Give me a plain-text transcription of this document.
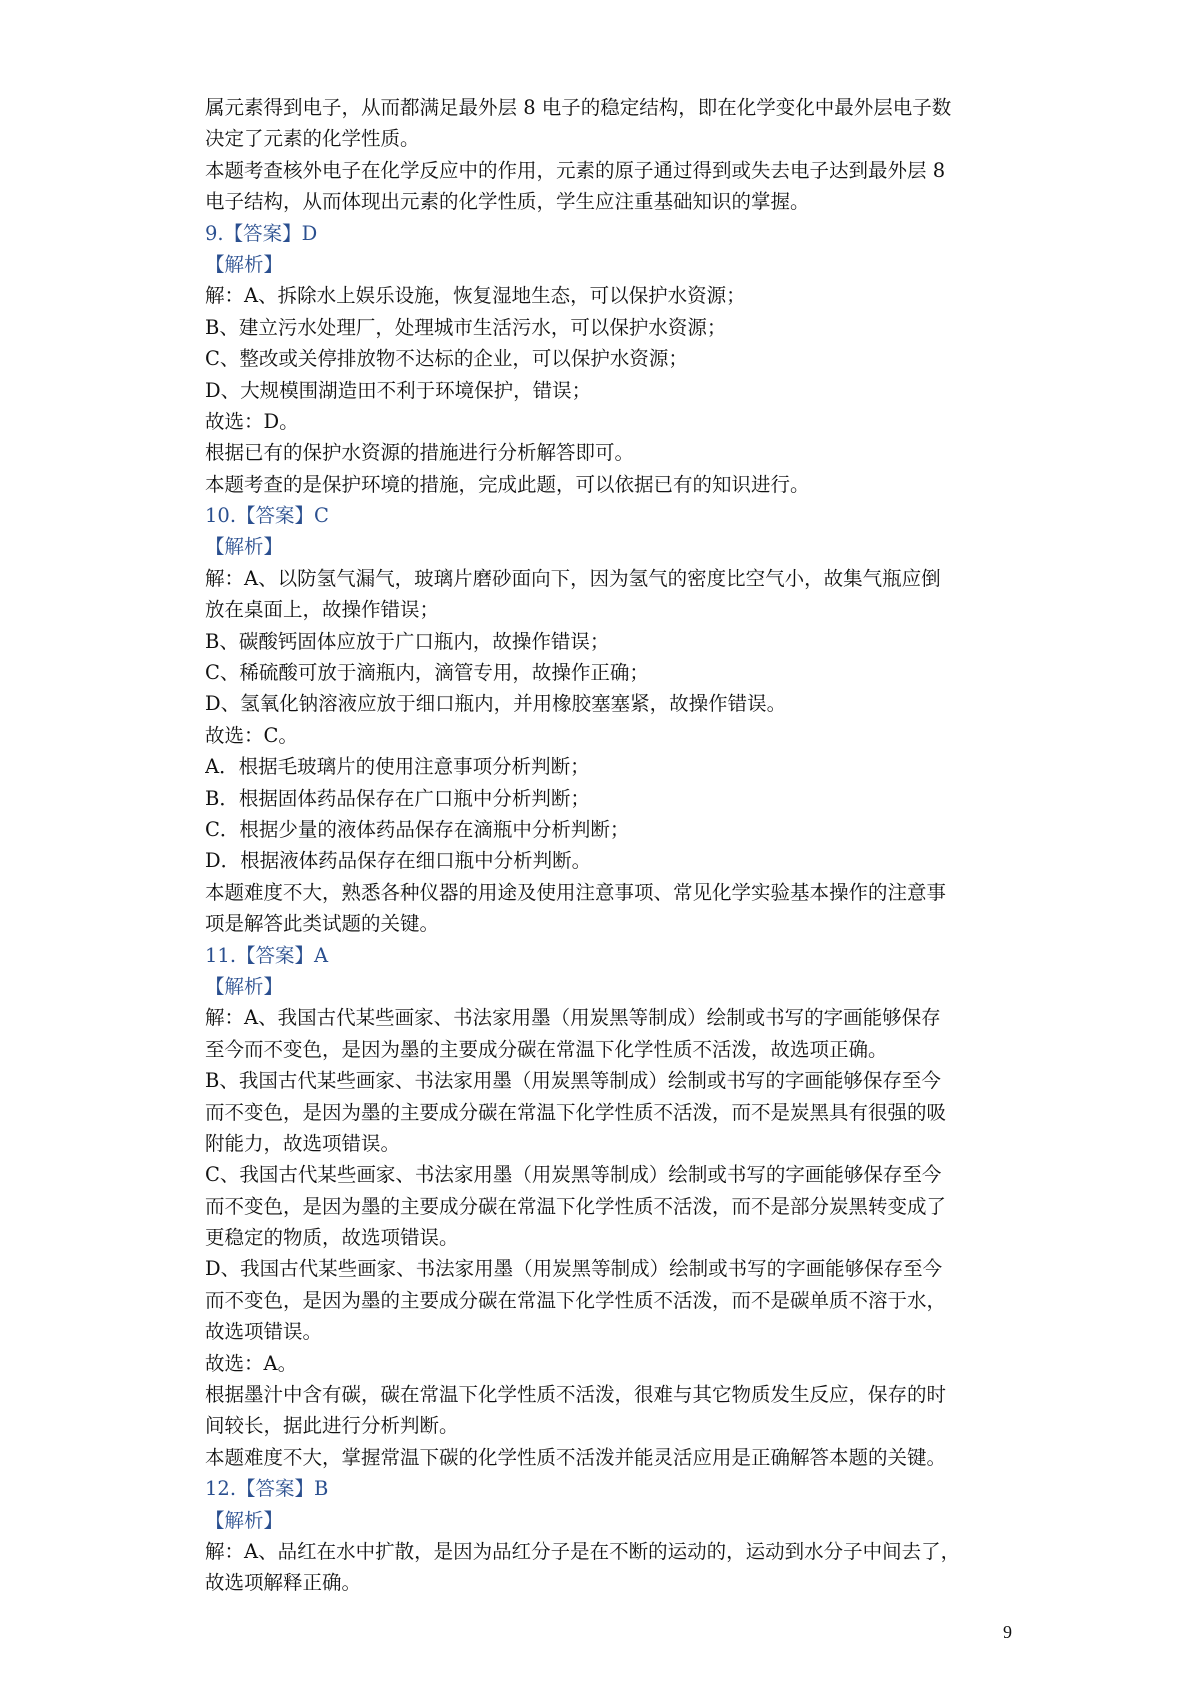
属元素得到电子，从而都满足最外层 8 电子的稳定结构，即在化学变化中最外层电子数
决定了元素的化学性质。
本题考查核外电子在化学反应中的作用，元素的原子通过得到或失去电子达到最外层 8
电子结构，从而体现出元素的化学性质，学生应注重基础知识的掌握。
9.【答案】D
【解析】
解：A、拆除水上娱乐设施，恢复湿地生态，可以保护水资源；
B、建立污水处理厂，处理城市生活污水，可以保护水资源；
C、整改或关停排放物不达标的企业，可以保护水资源；
D、大规模围湖造田不利于环境保护，错误；
故选：D。
根据已有的保护水资源的措施进行分析解答即可。
本题考查的是保护环境的措施，完成此题，可以依据已有的知识进行。
10.【答案】C
【解析】
解：A、以防氢气漏气，玻璃片磨砂面向下，因为氢气的密度比空气小，故集气瓶应倒
放在桌面上，故操作错误；
B、碳酸钙固体应放于广口瓶内，故操作错误；
C、稀硫酸可放于滴瓶内，滴管专用，故操作正确；
D、氢氧化钠溶液应放于细口瓶内，并用橡胶塞塞紧，故操作错误。
故选：C。
A．根据毛玻璃片的使用注意事项分析判断；
B．根据固体药品保存在广口瓶中分析判断；
C．根据少量的液体药品保存在滴瓶中分析判断；
D．根据液体药品保存在细口瓶中分析判断。
本题难度不大，熟悉各种仪器的用途及使用注意事项、常见化学实验基本操作的注意事
项是解答此类试题的关键。
11.【答案】A
【解析】
解：A、我国古代某些画家、书法家用墨（用炭黑等制成）绘制或书写的字画能够保存
至今而不变色，是因为墨的主要成分碳在常温下化学性质不活泼，故选项正确。
B、我国古代某些画家、书法家用墨（用炭黑等制成）绘制或书写的字画能够保存至今
而不变色，是因为墨的主要成分碳在常温下化学性质不活泼，而不是炭黑具有很强的吸
附能力，故选项错误。
C、我国古代某些画家、书法家用墨（用炭黑等制成）绘制或书写的字画能够保存至今
而不变色，是因为墨的主要成分碳在常温下化学性质不活泼，而不是部分炭黑转变成了
更稳定的物质，故选项错误。
D、我国古代某些画家、书法家用墨（用炭黑等制成）绘制或书写的字画能够保存至今
而不变色，是因为墨的主要成分碳在常温下化学性质不活泼，而不是碳单质不溶于水，
故选项错误。
故选：A。
根据墨汁中含有碳，碳在常温下化学性质不活泼，很难与其它物质发生反应，保存的时
间较长，据此进行分析判断。
本题难度不大，掌握常温下碳的化学性质不活泼并能灵活应用是正确解答本题的关键。
12.【答案】B
【解析】
解：A、品红在水中扩散，是因为品红分子是在不断的运动的，运动到水分子中间去了，
故选项解释正确。
9
